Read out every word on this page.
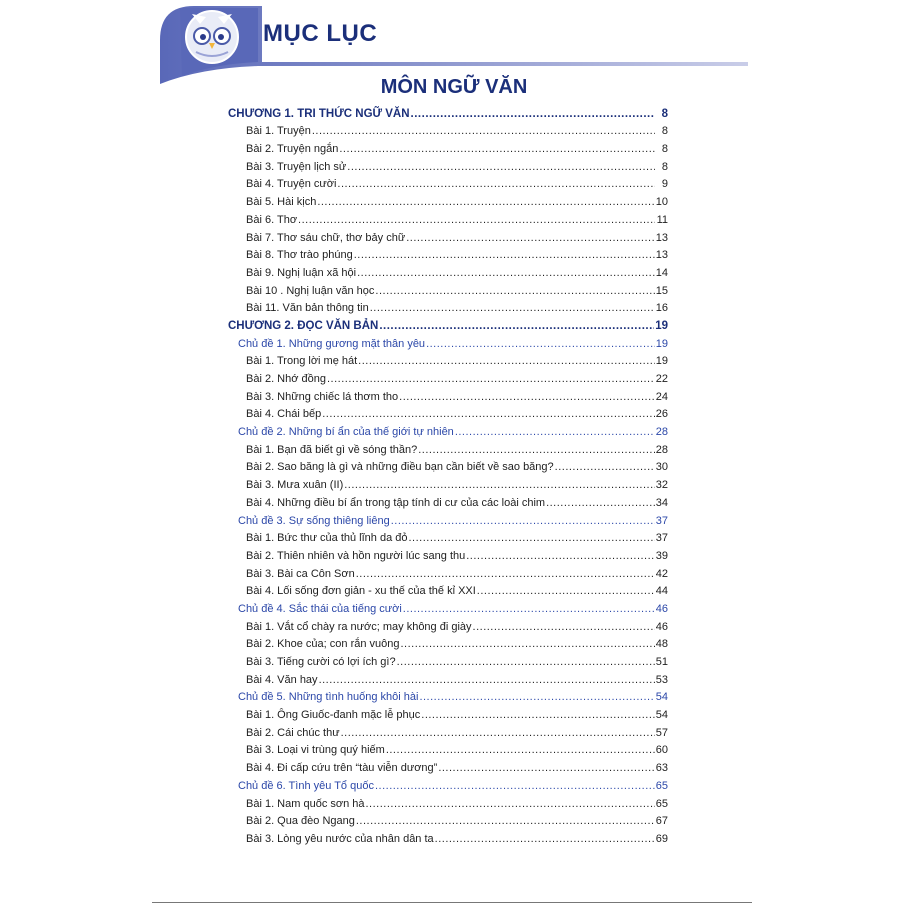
MỤC LỤC
MÔN NGỮ VĂN
CHƯƠNG 1. TRI THỨC NGỮ VĂN .....	8
Bài 1. Truyện .....	8
Bài 2. Truyện ngắn .....	8
Bài 3. Truyện lịch sử .....	8
Bài 4. Truyện cười .....	9
Bài 5. Hài kịch .....	10
Bài 6. Thơ .....	11
Bài 7. Thơ sáu chữ, thơ bảy chữ .....	13
Bài 8. Thơ trào phúng .....	13
Bài 9. Nghị luận xã hội .....	14
Bài 10 . Nghị luận văn học .....	15
Bài 11. Văn bản thông tin .....	16
CHƯƠNG 2. ĐỌC VĂN BẢN .....	19
Chủ đề 1. Những gương mặt thân yêu .....	19
Bài 1. Trong lời mẹ hát .....	19
Bài 2. Nhớ đồng .....	22
Bài 3. Những chiếc lá thơm tho .....	24
Bài 4. Chái bếp .....	26
Chủ đề 2. Những bí ẩn của thế giới tự nhiên .....	28
Bài 1. Bạn đã biết gì về sóng thần? .....	28
Bài 2. Sao băng là gì và những điều bạn cần biết về sao băng? .....	30
Bài 3. Mưa xuân (II) .....	32
Bài 4. Những điều bí ẩn trong tập tính di cư của các loài chim .....	34
Chủ đề 3. Sự sống thiêng liêng .....	37
Bài 1. Bức thư của thủ lĩnh da đỏ .....	37
Bài 2. Thiên nhiên và hồn người lúc sang thu .....	39
Bài 3. Bài ca Côn Sơn .....	42
Bài 4. Lối sống đơn giản - xu thế của thế kỉ XXI .....	44
Chủ đề 4. Sắc thái của tiếng cười .....	46
Bài 1. Vắt cổ chày ra nước; may không đi giày .....	46
Bài 2. Khoe của; con rắn vuông .....	48
Bài 3. Tiếng cười có lợi ích gì? .....	51
Bài 4. Văn hay .....	53
Chủ đề 5. Những tình huống khôi hài .....	54
Bài 1. Ông Giuốc-đanh mặc lễ phục .....	54
Bài 2. Cái chúc thư .....	57
Bài 3. Loại vi trùng quý hiếm .....	60
Bài 4. Đi cấp cứu trên “tàu viễn dương” .....	63
Chủ đề 6. Tình yêu Tổ quốc .....	65
Bài 1. Nam quốc sơn hà .....	65
Bài 2. Qua đèo Ngang .....	67
Bài 3. Lòng yêu nước của nhân dân ta .....	69
